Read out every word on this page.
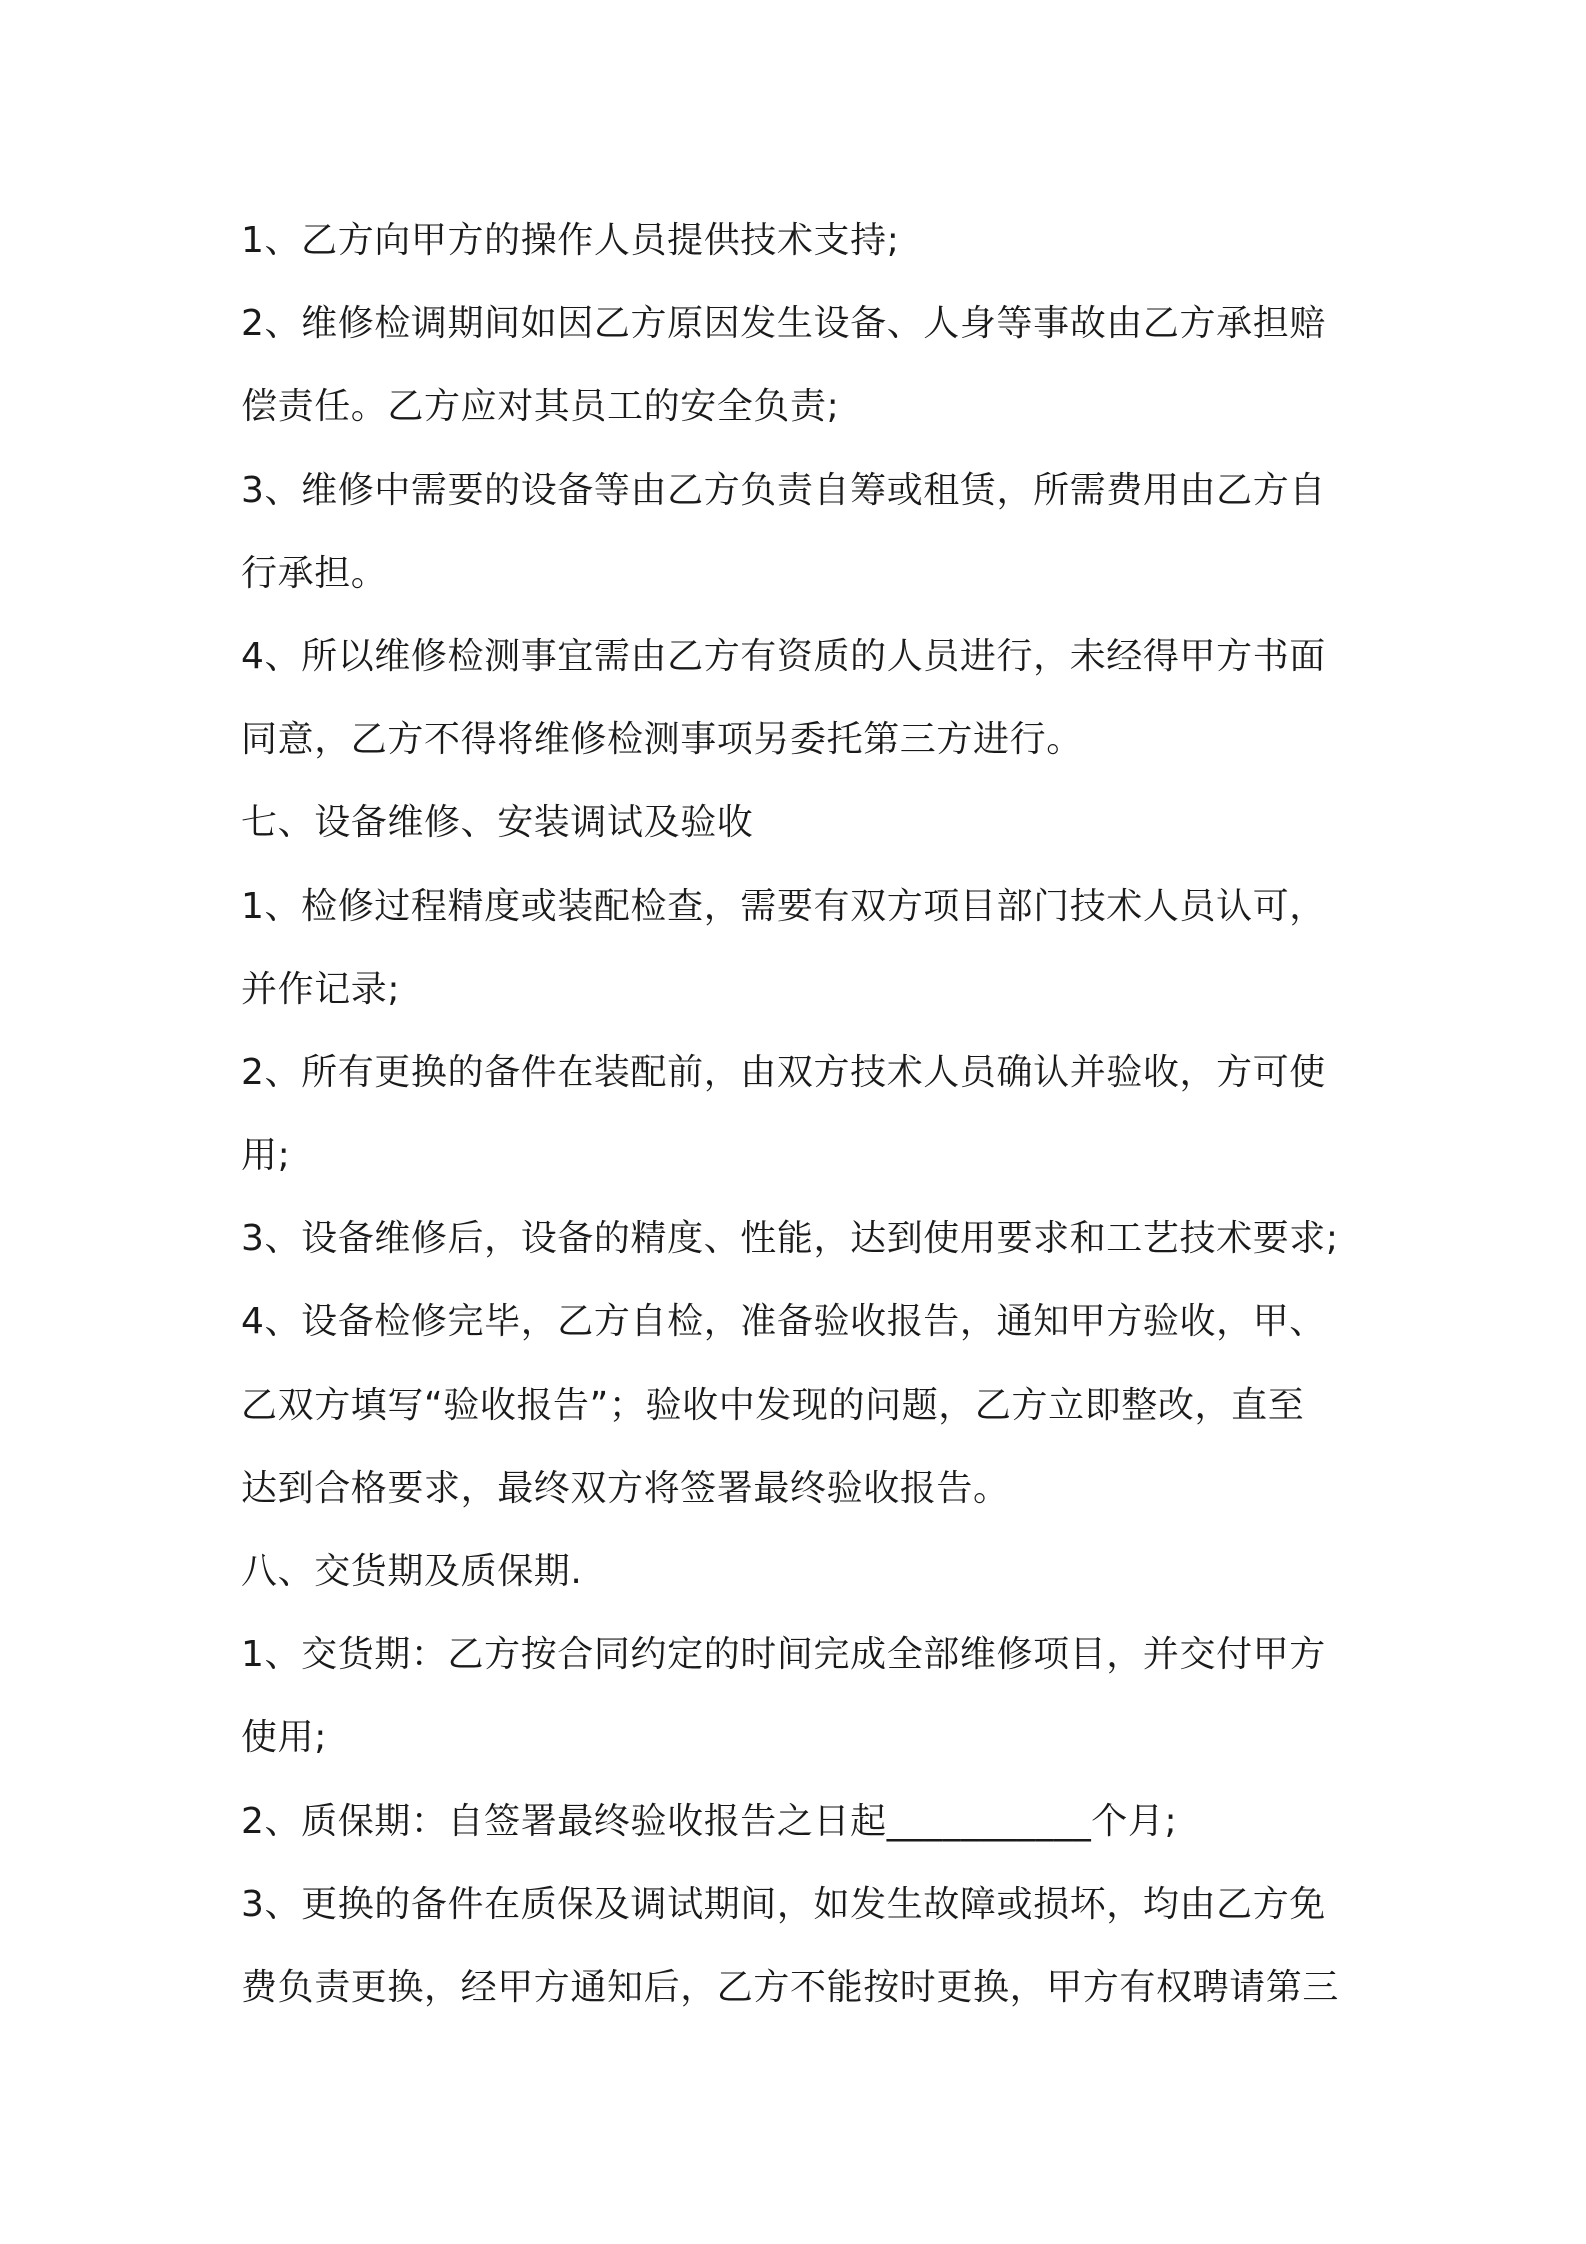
1、乙方向甲方的操作人员提供技术支持;
2、维修检调期间如因乙方原因发生设备、人身等事故由乙方承担赔
偿责任。乙方应对其员工的安全负责;
3、维修中需要的设备等由乙方负责自筹或租赁，所需费用由乙方自
行承担。
4、所以维修检测事宜需由乙方有资质的人员进行，未经得甲方书面
同意，乙方不得将维修检测事项另委托第三方进行。
七、设备维修、安装调试及验收
1、检修过程精度或装配检查，需要有双方项目部门技术人员认可，
并作记录;
2、所有更换的备件在装配前，由双方技术人员确认并验收，方可使
用;
3、设备维修后，设备的精度、性能，达到使用要求和工艺技术要求;
4、设备检修完毕，乙方自检，准备验收报告，通知甲方验收，甲、
乙双方填写“验收报告”；验收中发现的问题，乙方立即整改，直至
达到合格要求，最终双方将签署最终验收报告。
八、交货期及质保期.
1、交货期：乙方按合同约定的时间完成全部维修项目，并交付甲方
使用;
2、质保期：自签署最终验收报告之日起___________个月;
3、更换的备件在质保及调试期间，如发生故障或损坏，均由乙方免
费负责更换，经甲方通知后，乙方不能按时更换，甲方有权聘请第三
